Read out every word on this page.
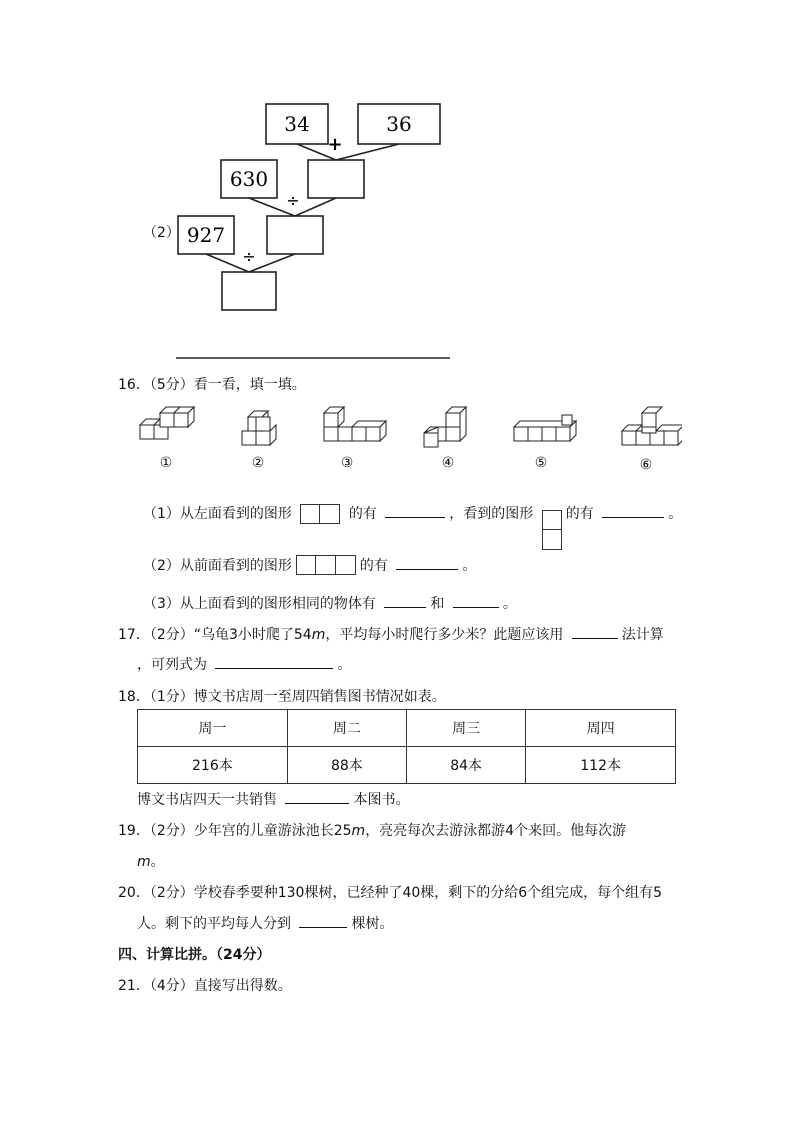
（2）
34	36
630
927
+
÷
÷
16．（5分）看一看，填一填。
①	②	③	④	⑤	⑥
（1）从左面看到的图形	的有	，看到的图形 的有	。
（2）从前面看到的图形	的有	。
（3）从上面看到的图形相同的物体有	和	。
17．（2分）“乌龟3小时爬了54m，平均每小时爬行多少米？此题应该用	法计算
，可列式为	。
18．（1分）博文书店周一至周四销售图书情况如表。
周一	周二	周三	周四
216本	88本	84本	112本
博文书店四天一共销售	本图书。
19．（2分）少年宫的儿童游泳池长25m，亮亮每次去游泳都游4个来回。他每次游
m。
20．（2分）学校春季要种130棵树，已经种了40棵，剩下的分给6个组完成，每个组有5
人。剩下的平均每人分到	棵树。
四、计算比拼。（24分）
21．（4分）直接写出得数。
